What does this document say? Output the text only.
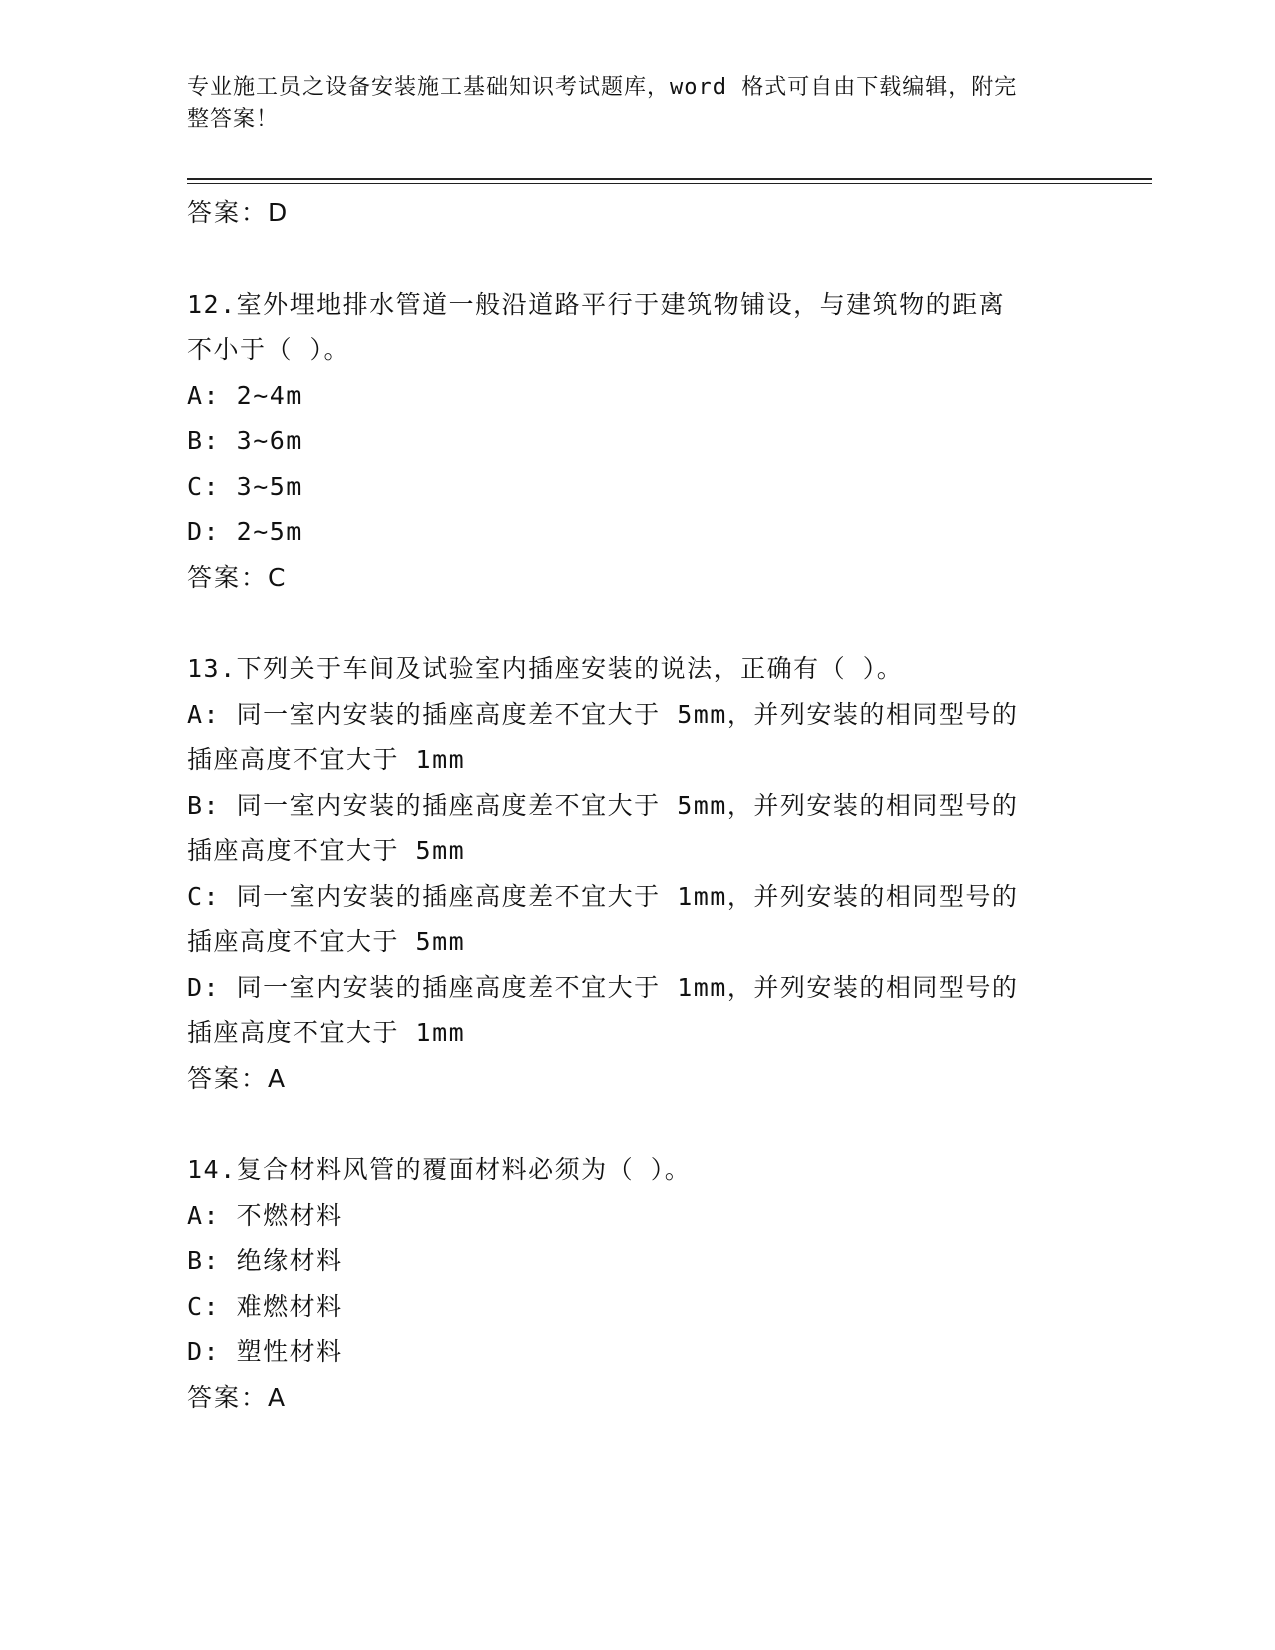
专业施工员之设备安装施工基础知识考试题库，word 格式可自由下载编辑，附完
整答案！
答案：D
12.室外埋地排水管道一般沿道路平行于建筑物铺设，与建筑物的距离
不小于（ ）。
A: 2~4m
B: 3~6m
C: 3~5m
D: 2~5m
答案：C
13.下列关于车间及试验室内插座安装的说法，正确有（ ）。
A: 同一室内安装的插座高度差不宜大于 5mm，并列安装的相同型号的
插座高度不宜大于 1mm
B: 同一室内安装的插座高度差不宜大于 5mm，并列安装的相同型号的
插座高度不宜大于 5mm
C: 同一室内安装的插座高度差不宜大于 1mm，并列安装的相同型号的
插座高度不宜大于 5mm
D: 同一室内安装的插座高度差不宜大于 1mm，并列安装的相同型号的
插座高度不宜大于 1mm
答案：A
14.复合材料风管的覆面材料必须为（ ）。
A: 不燃材料
B: 绝缘材料
C: 难燃材料
D: 塑性材料
答案：A
